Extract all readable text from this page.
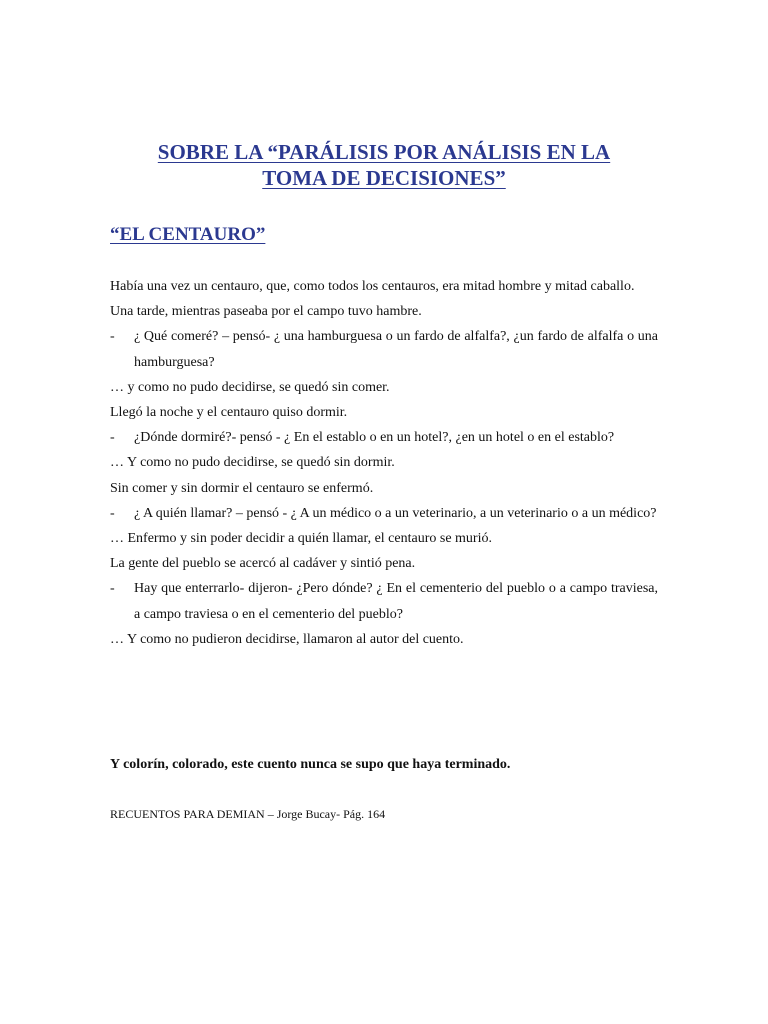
SOBRE LA “PARÁLISIS POR ANÁLISIS EN LA
TOMA DE DECISIONES”
“EL CENTAURO”

Había una vez un centauro, que, como todos los centauros, era mitad hombre y mitad caballo.

Una tarde, mientras paseaba por el campo tuvo hambre.

- ¿ Qué comeré? – pensó- ¿ una hamburguesa o un fardo de alfalfa?, ¿un fardo de alfalfa o una hamburguesa?

… y como no pudo decidirse, se quedó sin comer.

Llegó la noche y el centauro quiso dormir.

- ¿Dónde dormiré?- pensó - ¿ En el establo o en un hotel?, ¿en un hotel o en el establo?

… Y como no pudo decidirse, se quedó sin dormir.

Sin comer y sin dormir el centauro se enfermó.

- ¿ A quién llamar? – pensó - ¿ A un médico o a un veterinario, a un veterinario o a un médico?

… Enfermo y sin poder decidir a quién llamar, el centauro se murió.

La gente del pueblo se acercó al cadáver y sintió pena.

- Hay que enterrarlo- dijeron- ¿Pero dónde? ¿ En el cementerio del pueblo o a campo traviesa, a campo traviesa o en el cementerio del pueblo?

… Y como no pudieron decidirse, llamaron al autor del cuento.

Y colorín, colorado, este cuento nunca se supo que haya terminado.
RECUENTOS PARA DEMIAN – Jorge Bucay- Pág. 164
